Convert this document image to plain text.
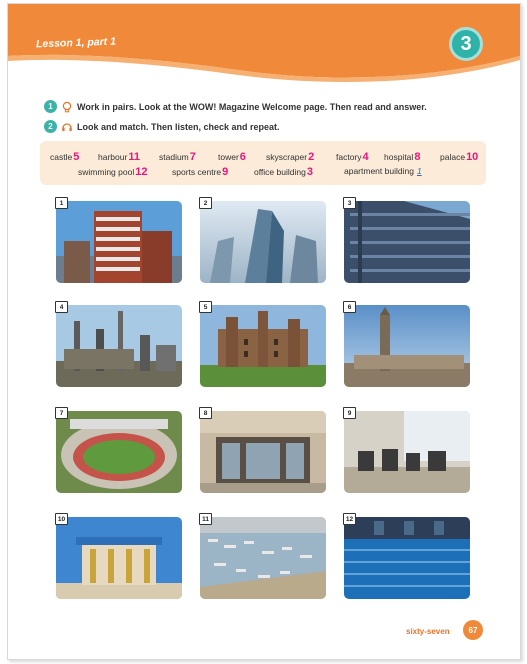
Lesson 1, part 1	3
1	Work in pairs. Look at the WOW! Magazine Welcome page. Then read and answer.
2	Look and match. Then listen, check and repeat.
castle5 harbour11 stadium7	tower6 skyscraper2	factory4 hospital8 palace10
swimming pool12	sports centre9	office building3	apartment building 1
1	2	3
4	5	6
7	8	9
10	11	12
sixty-seven	67
